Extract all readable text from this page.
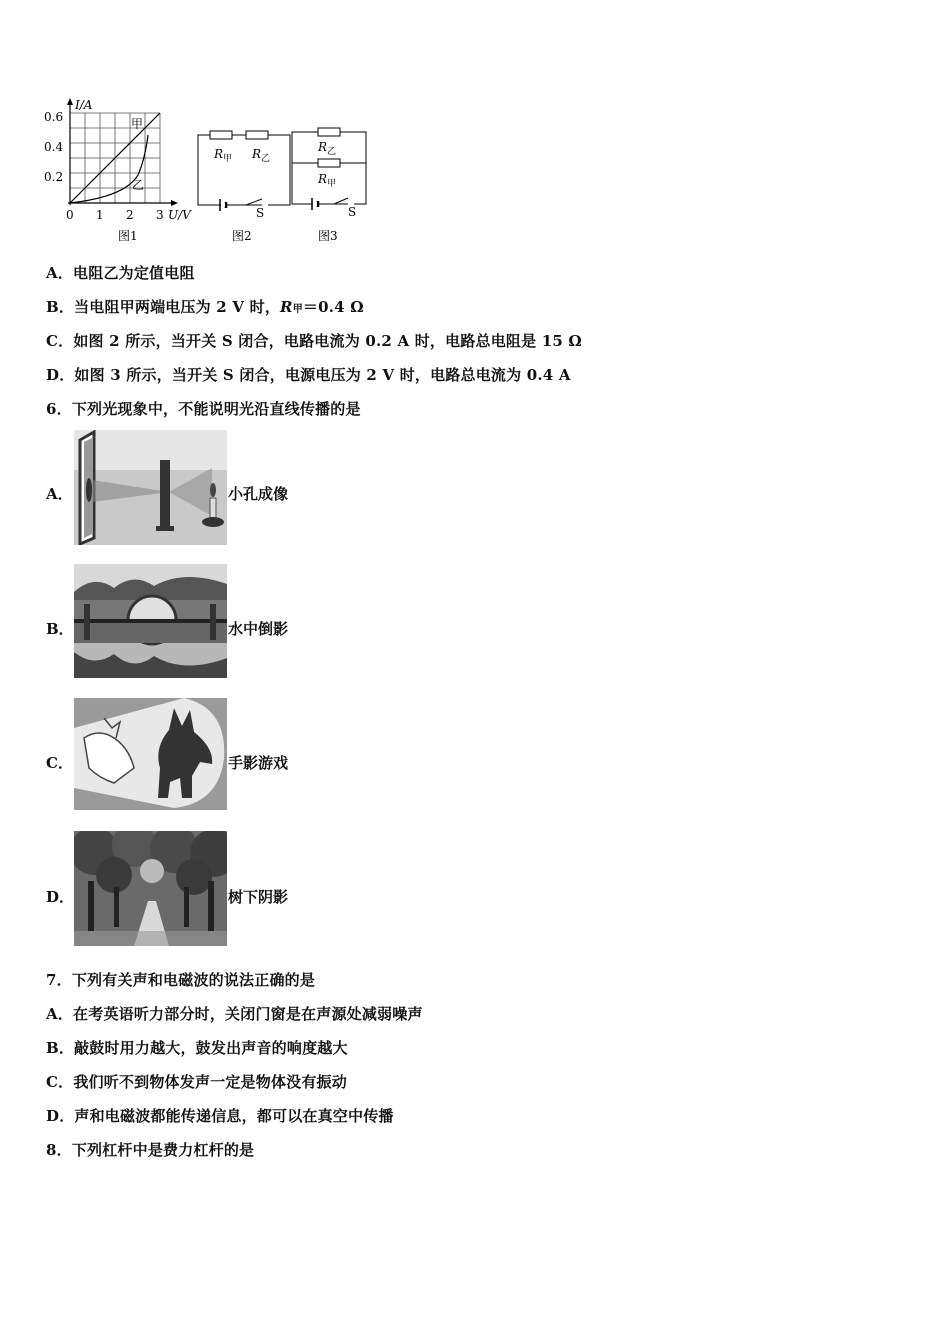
I/A
0.6
0.4
0.2
0 1 2 3 U/V
甲
乙
图1
R 甲 R 乙
S
图2
R 乙
R 甲
S
图3
A．电阻乙为定值电阻
B．当电阻甲两端电压为 2 V 时，R甲＝0.4 Ω
C．如图 2 所示，当开关 S 闭合，电路电流为 0.2 A 时，电路总电阻是 15 Ω
D．如图 3 所示，当开关 S 闭合，电源电压为 2 V 时，电路总电流为 0.4 A
6．下列光现象中，不能说明光沿直线传播的是
A．	小孔成像
B．	水中倒影
C．	手影游戏
D．	树下阴影
7．下列有关声和电磁波的说法正确的是
A．在考英语听力部分时，关闭门窗是在声源处减弱噪声
B．敲鼓时用力越大，鼓发出声音的响度越大
C．我们听不到物体发声一定是物体没有振动
D．声和电磁波都能传递信息，都可以在真空中传播
8．下列杠杆中是费力杠杆的是
